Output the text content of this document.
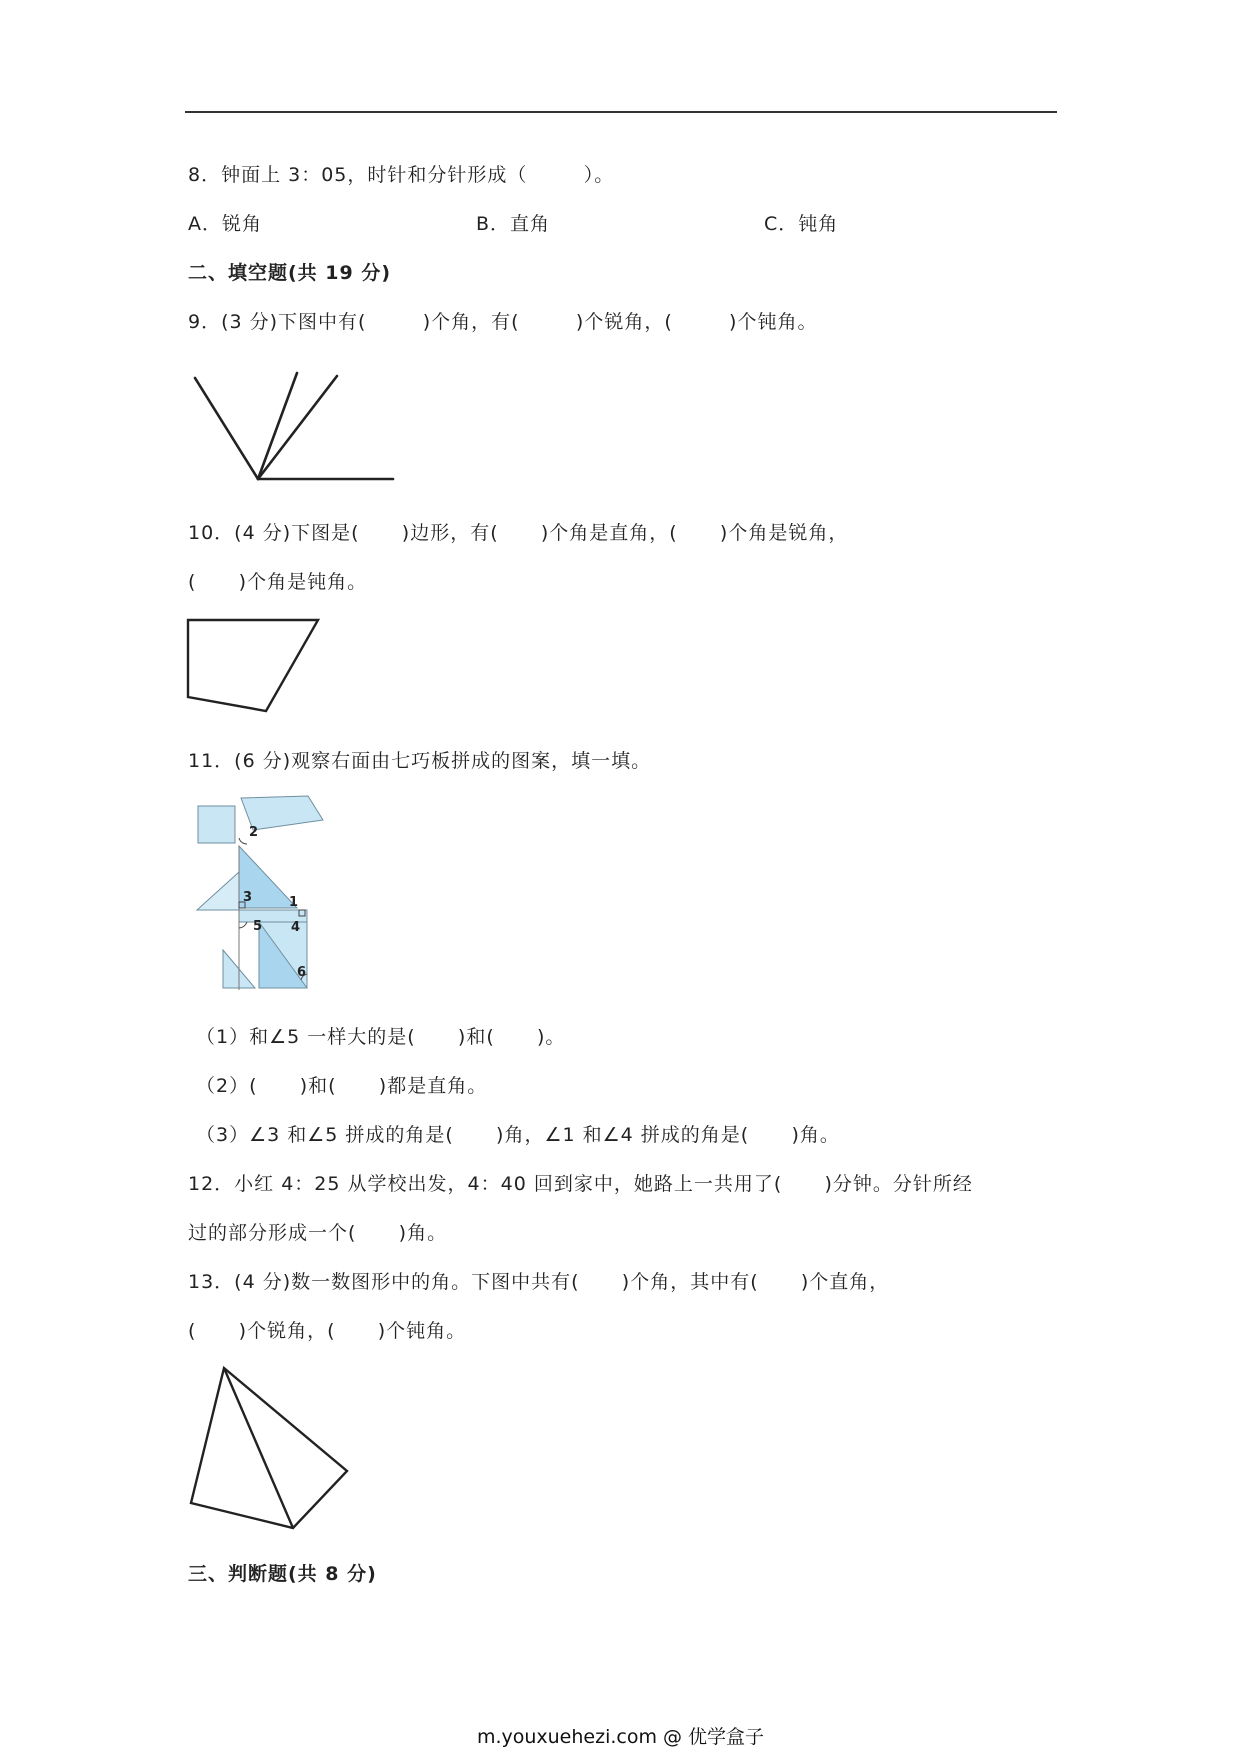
8．钟面上 3：05，时针和分针形成（        ）。
A．锐角	B．直角	C．钝角
二、填空题(共 19 分)
9．(3 分)下图中有(        )个角，有(        )个锐角，(        )个钝角。
10．(4 分)下图是(      )边形，有(      )个角是直角，(      )个角是锐角，
(      )个角是钝角。
11．(6 分)观察右面由七巧板拼成的图案，填一填。
1
2
3
4
5
6
（1）和∠5 一样大的是(      )和(      )。
（2）(      )和(      )都是直角。
（3）∠3 和∠5 拼成的角是(      )角，∠1 和∠4 拼成的角是(      )角。
12．小红 4：25 从学校出发，4：40 回到家中，她路上一共用了(      )分钟。分针所经
过的部分形成一个(      )角。
13．(4 分)数一数图形中的角。下图中共有(      )个角，其中有(      )个直角，
(      )个锐角，(      )个钝角。
三、判断题(共 8 分)
m.youxuehezi.com @ 优学盒子
